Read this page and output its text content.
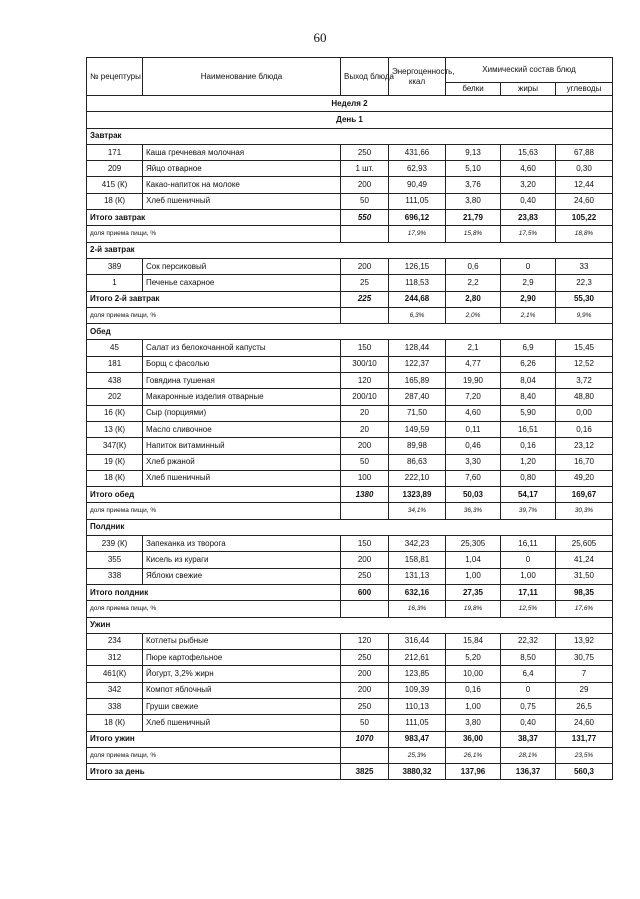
60
№ рецептуры	Наименование блюда	Выход блюда	Энергоценность, ккал	Химический состав блюд		
				белки	жиры	углеводы
Неделя 2						
День 1						
Завтрак						
171	Каша гречневая молочная	250	431,66	9,13	15,63	67,88
209	Яйцо отварное	1 шт.	62,93	5,10	4,60	0,30
415 (К)	Какао-напиток на молоке	200	90,49	3,76	3,20	12,44
18 (К)	Хлеб пшеничный	50	111,05	3,80	0,40	24,60
Итого завтрак		550	696,12	21,79	23,83	105,22
доля приема пищи, %			17,9%	15,8%	17,5%	18,8%
2-й завтрак						
389	Сок персиковый	200	126,15	0,6	0	33
1	Печенье сахарное	25	118,53	2,2	2,9	22,3
Итого 2-й завтрак		225	244,68	2,80	2,90	55,30
доля приема пищи, %			6,3%	2,0%	2,1%	9,9%
Обед						
45	Салат из белокочанной капусты	150	128,44	2,1	6,9	15,45
181	Борщ с фасолью	300/10	122,37	4,77	6,26	12,52
438	Говядина тушеная	120	165,89	19,90	8,04	3,72
202	Макаронные изделия отварные	200/10	287,40	7,20	8,40	48,80
16 (К)	Сыр (порциями)	20	71,50	4,60	5,90	0,00
13 (К)	Масло сливочное	20	149,59	0,11	16,51	0,16
347(К)	Напиток витаминный	200	89,98	0,46	0,16	23,12
19 (К)	Хлеб ржаной	50	86,63	3,30	1,20	16,70
18 (К)	Хлеб пшеничный	100	222,10	7,60	0,80	49,20
Итого обед		1380	1323,89	50,03	54,17	169,67
доля приема пищи, %			34,1%	36,3%	39,7%	30,3%
Полдник						
239 (К)	Запеканка из творога	150	342,23	25,305	16,11	25,605
355	Кисель из кураги	200	158,81	1,04	0	41,24
338	Яблоки свежие	250	131,13	1,00	1,00	31,50
Итого полдник		600	632,16	27,35	17,11	98,35
доля приема пищи, %			16,3%	19,8%	12,5%	17,6%
Ужин						
234	Котлеты рыбные	120	316,44	15,84	22,32	13,92
312	Пюре картофельное	250	212,61	5,20	8,50	30,75
461(К)	Йогурт, 3,2% жирн	200	123,85	10,00	6,4	7
342	Компот яблочный	200	109,39	0,16	0	29
338	Груши свежие	250	110,13	1,00	0,75	26,5
18 (К)	Хлеб пшеничный	50	111,05	3,80	0,40	24,60
Итого ужин		1070	983,47	36,00	38,37	131,77
доля приема пищи, %			25,3%	26,1%	28,1%	23,5%
Итого за день		3825	3880,32	137,96	136,37	560,3
